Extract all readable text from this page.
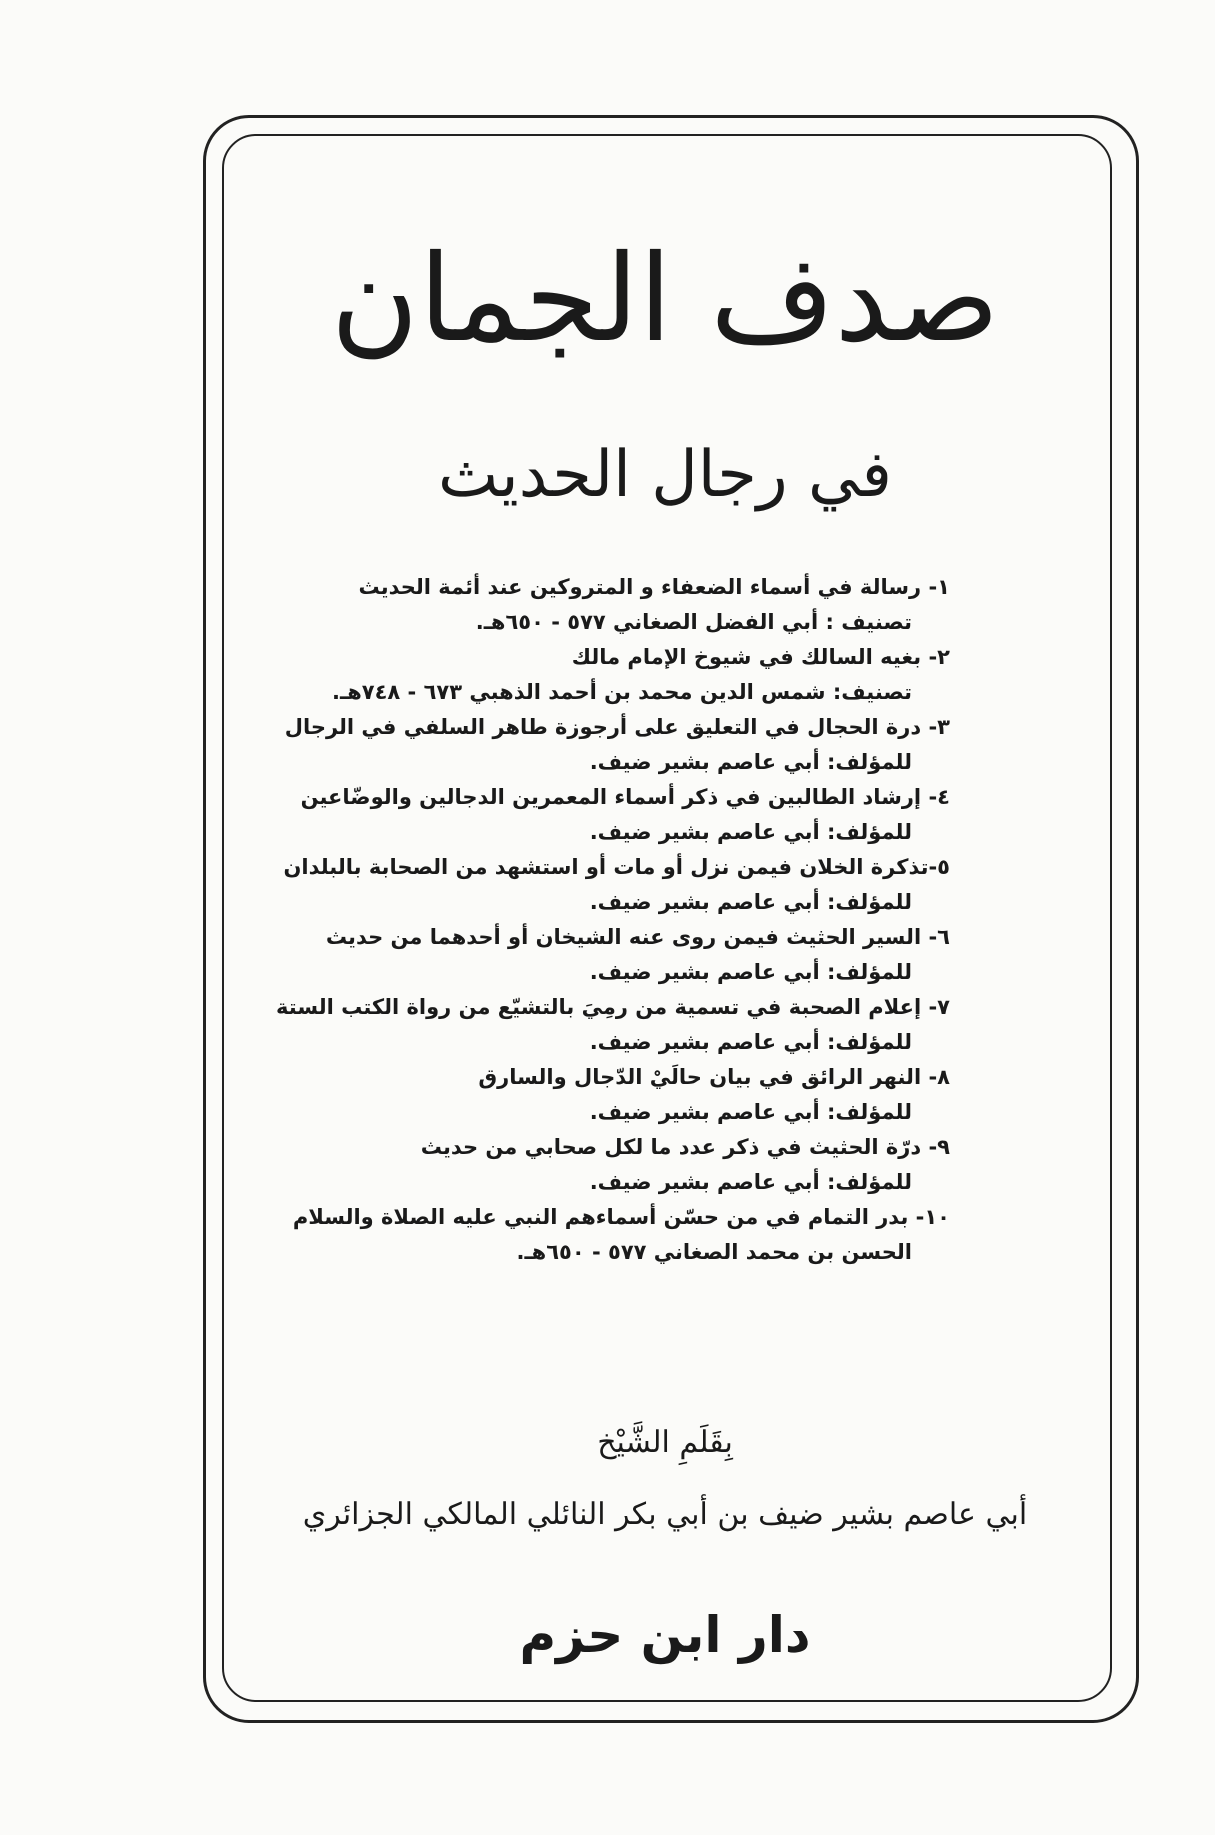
صدف الجمان
في رجال الحديث
١- رسالة في أسماء الضعفاء و المتروكين عند أئمة الحديث
تصنيف : أبي الفضل الصغاني ٥٧٧ - ٦٥٠هـ.
٢- بغيه السالك في شيوخ الإمام مالك
تصنيف: شمس الدين محمد بن أحمد الذهبي ٦٧٣ - ٧٤٨هـ.
٣- درة الحجال في التعليق على أرجوزة طاهر السلفي في الرجال
للمؤلف: أبي عاصم بشير ضيف.
٤- إرشاد الطالبين في ذكر أسماء المعمرين الدجالين والوضّاعين
للمؤلف: أبي عاصم بشير ضيف.
٥-تذكرة الخلان فيمن نزل أو مات أو استشهد من الصحابة بالبلدان
للمؤلف: أبي عاصم بشير ضيف.
٦- السير الحثيث فيمن روى عنه الشيخان أو أحدهما من حديث
للمؤلف: أبي عاصم بشير ضيف.
٧- إعلام الصحبة في تسمية من رمِيَ بالتشيّع من رواة الكتب الستة
للمؤلف: أبي عاصم بشير ضيف.
٨- النهر الرائق في بيان حالَيْ الدّجال والسارق
للمؤلف: أبي عاصم بشير ضيف.
٩- درّة الحثيث في ذكر عدد ما لكل صحابي من حديث
للمؤلف: أبي عاصم بشير ضيف.
١٠- بدر التمام في من حسّن أسماءهم النبي عليه الصلاة والسلام
الحسن بن محمد الصغاني ٥٧٧ - ٦٥٠هـ.
بِقَلَمِ الشَّيْخ
أبي عاصم بشير ضيف بن أبي بكر النائلي المالكي الجزائري
دار ابن حزم
